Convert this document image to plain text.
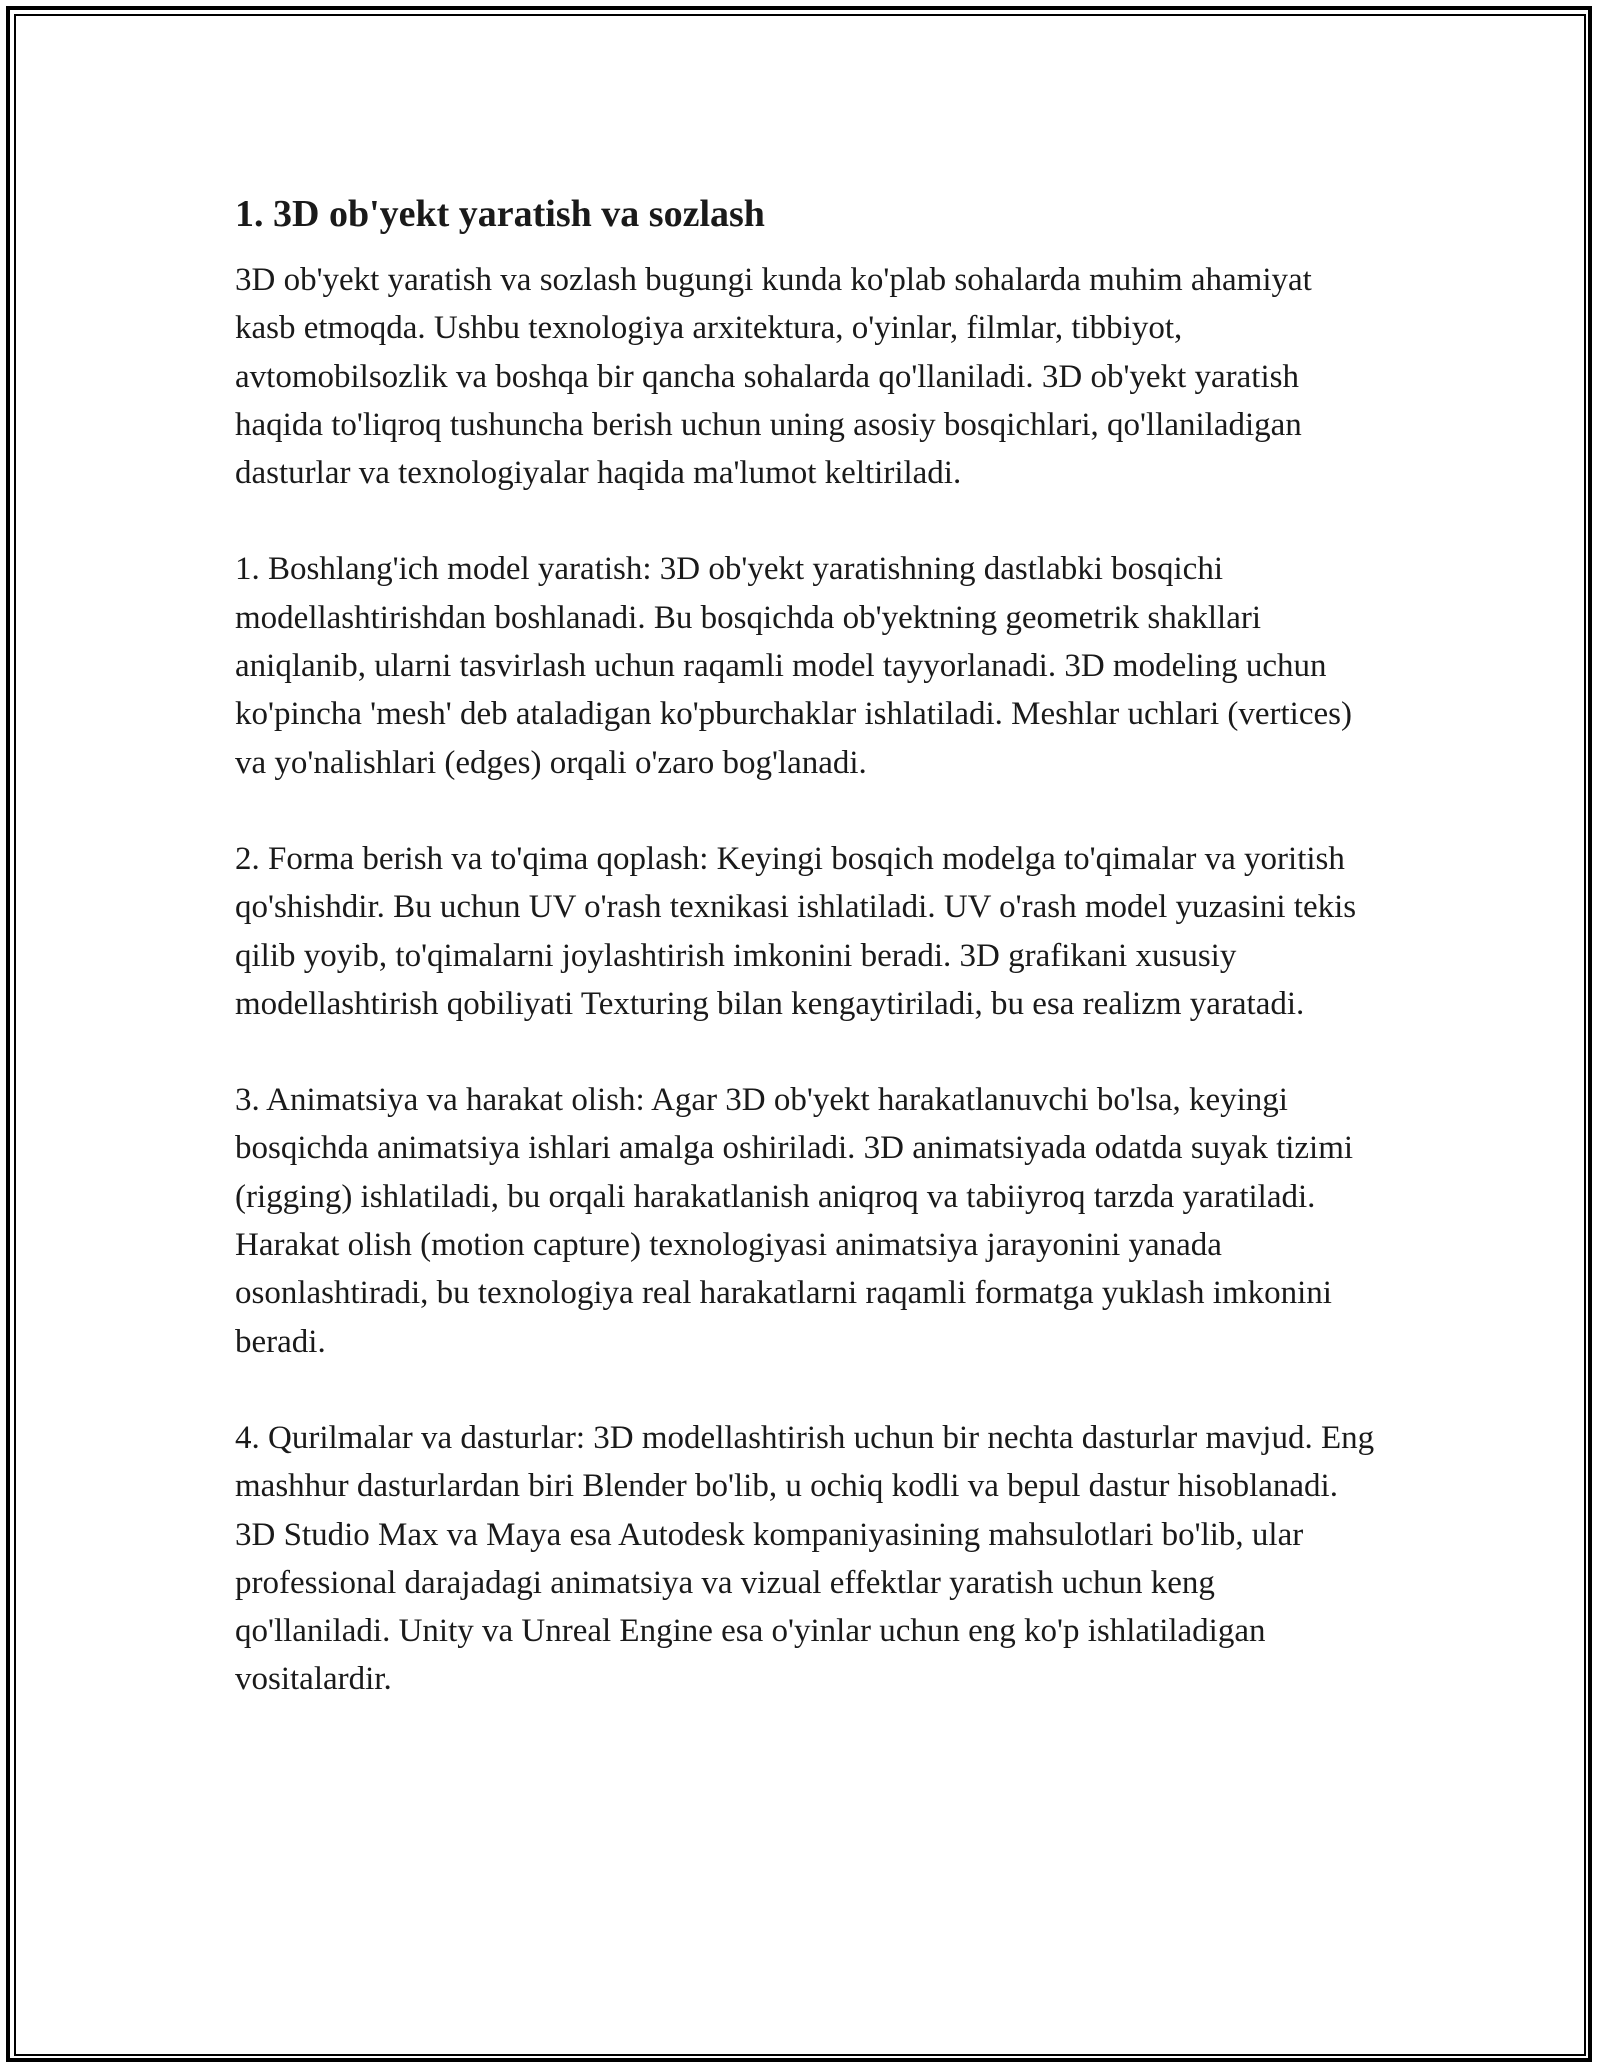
1. 3D ob'yekt yaratish va sozlash

3D ob'yekt yaratish va sozlash bugungi kunda ko'plab sohalarda muhim ahamiyat kasb etmoqda. Ushbu texnologiya arxitektura, o'yinlar, filmlar, tibbiyot, avtomobilsozlik va boshqa bir qancha sohalarda qo'llaniladi. 3D ob'yekt yaratish haqida to'liqroq tushuncha berish uchun uning asosiy bosqichlari, qo'llaniladigan dasturlar va texnologiyalar haqida ma'lumot keltiriladi.

1. Boshlang'ich model yaratish: 3D ob'yekt yaratishning dastlabki bosqichi modellashtirishdan boshlanadi. Bu bosqichda ob'yektning geometrik shakllari aniqlanib, ularni tasvirlash uchun raqamli model tayyorlanadi. 3D modeling uchun ko'pincha 'mesh' deb ataladigan ko'pburchaklar ishlatiladi. Meshlar uchlari (vertices) va yo'nalishlari (edges) orqali o'zaro bog'lanadi.

2. Forma berish va to'qima qoplash: Keyingi bosqich modelga to'qimalar va yoritish qo'shishdir. Bu uchun UV o'rash texnikasi ishlatiladi. UV o'rash model yuzasini tekis qilib yoyib, to'qimalarni joylashtirish imkonini beradi. 3D grafikani xususiy modellashtirish qobiliyati Texturing bilan kengaytiriladi, bu esa realizm yaratadi.

3. Animatsiya va harakat olish: Agar 3D ob'yekt harakatlanuvchi bo'lsa, keyingi bosqichda animatsiya ishlari amalga oshiriladi. 3D animatsiyada odatda suyak tizimi (rigging) ishlatiladi, bu orqali harakatlanish aniqroq va tabiiyroq tarzda yaratiladi. Harakat olish (motion capture) texnologiyasi animatsiya jarayonini yanada osonlashtiradi, bu texnologiya real harakatlarni raqamli formatga yuklash imkonini beradi.

4. Qurilmalar va dasturlar: 3D modellashtirish uchun bir nechta dasturlar mavjud. Eng mashhur dasturlardan biri Blender bo'lib, u ochiq kodli va bepul dastur hisoblanadi. 3D Studio Max va Maya esa Autodesk kompaniyasining mahsulotlari bo'lib, ular professional darajadagi animatsiya va vizual effektlar yaratish uchun keng qo'llaniladi. Unity va Unreal Engine esa o'yinlar uchun eng ko'p ishlatiladigan vositalardir.
